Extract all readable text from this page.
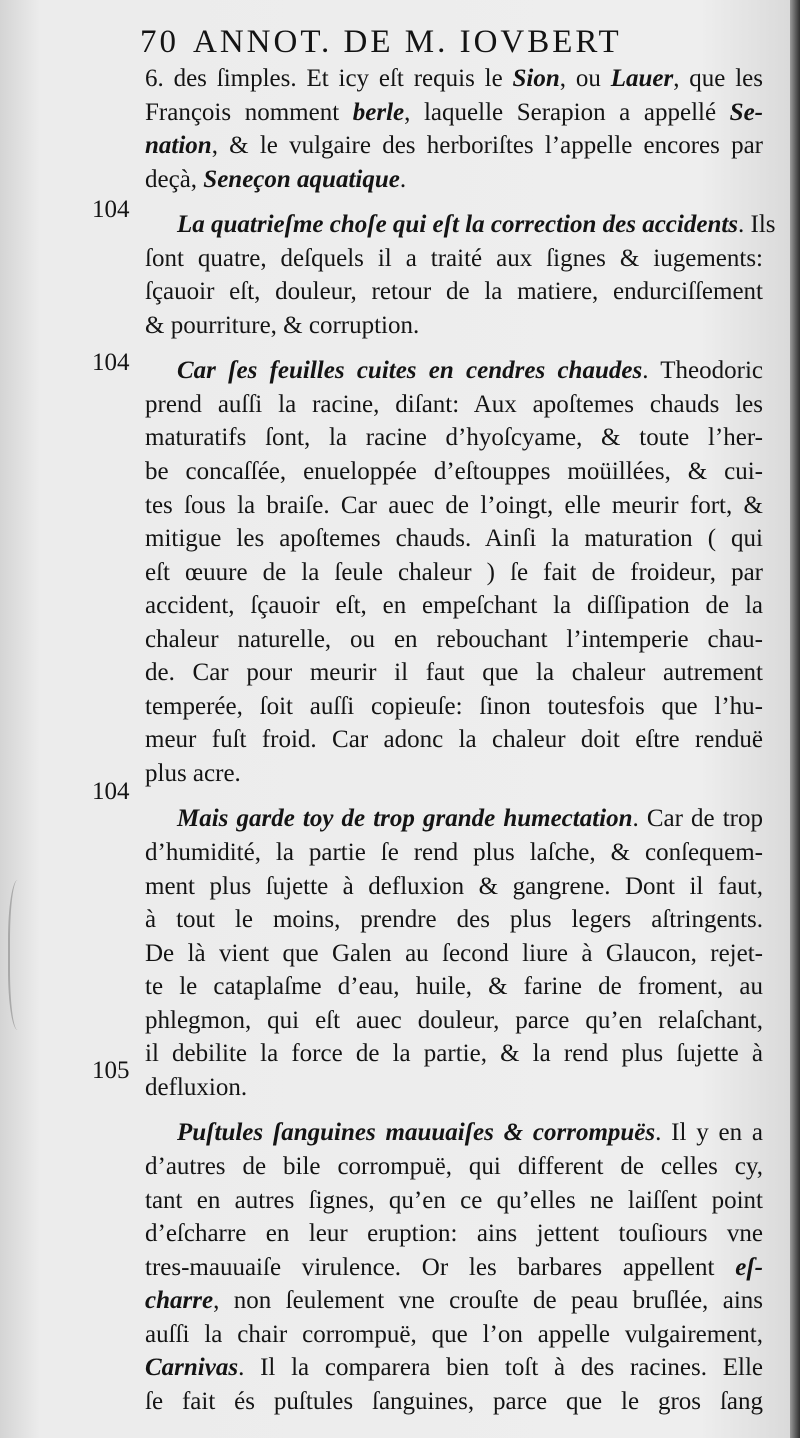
70 ANNOT. DE M. IOVBERT
104
104
104
105
6. des ſimples. Et icy eſt requis le Sion, ou Lauer, que les
François nomment berle, laquelle Serapion a appellé Se-
nation, & le vulgaire des herboriſtes l’appelle encores par
deçà, Seneçon aquatique.
La quatrieſme choſe qui eſt la correction des accidents. Ils
ſont quatre, deſquels il a traité aux ſignes & iugements:
ſçauoir eſt, douleur, retour de la matiere, endurciſſement
& pourriture, & corruption.
Car ſes feuilles cuites en cendres chaudes. Theodoric
prend auſſi la racine, diſant: Aux apoſtemes chauds les
maturatifs ſont, la racine d’hyoſcyame, & toute l’her-
be concaſſée, enueloppée d’eſtouppes moüillées, & cui-
tes ſous la braiſe. Car auec de l’oingt, elle meurir fort, &
mitigue les apoſtemes chauds. Ainſi la maturation ( qui
eſt œuure de la ſeule chaleur ) ſe fait de froideur, par
accident, ſçauoir eſt, en empeſchant la diſſipation de la
chaleur naturelle, ou en rebouchant l’intemperie chau-
de. Car pour meurir il faut que la chaleur autrement
temperée, ſoit auſſi copieuſe: ſinon toutesfois que l’hu-
meur fuſt froid. Car adonc la chaleur doit eſtre renduë
plus acre.
Mais garde toy de trop grande humectation. Car de trop
d’humidité, la partie ſe rend plus laſche, & conſequem-
ment plus ſujette à defluxion & gangrene. Dont il faut,
à tout le moins, prendre des plus legers aſtringents.
De là vient que Galen au ſecond liure à Glaucon, rejet-
te le cataplaſme d’eau, huile, & farine de froment, au
phlegmon, qui eſt auec douleur, parce qu’en relaſchant,
il debilite la force de la partie, & la rend plus ſujette à
defluxion.
Puſtules ſanguines mauuaiſes & corrompuës. Il y en a
d’autres de bile corrompuë, qui different de celles cy,
tant en autres ſignes, qu’en ce qu’elles ne laiſſent point
d’eſcharre en leur eruption: ains jettent touſiours vne
tres-mauuaiſe virulence. Or les barbares appellent eſ-
charre, non ſeulement vne crouſte de peau bruſlée, ains
auſſi la chair corrompuë, que l’on appelle vulgairement,
Carnivas. Il la comparera bien toſt à des racines. Elle
ſe fait és puſtules ſanguines, parce que le gros ſang
